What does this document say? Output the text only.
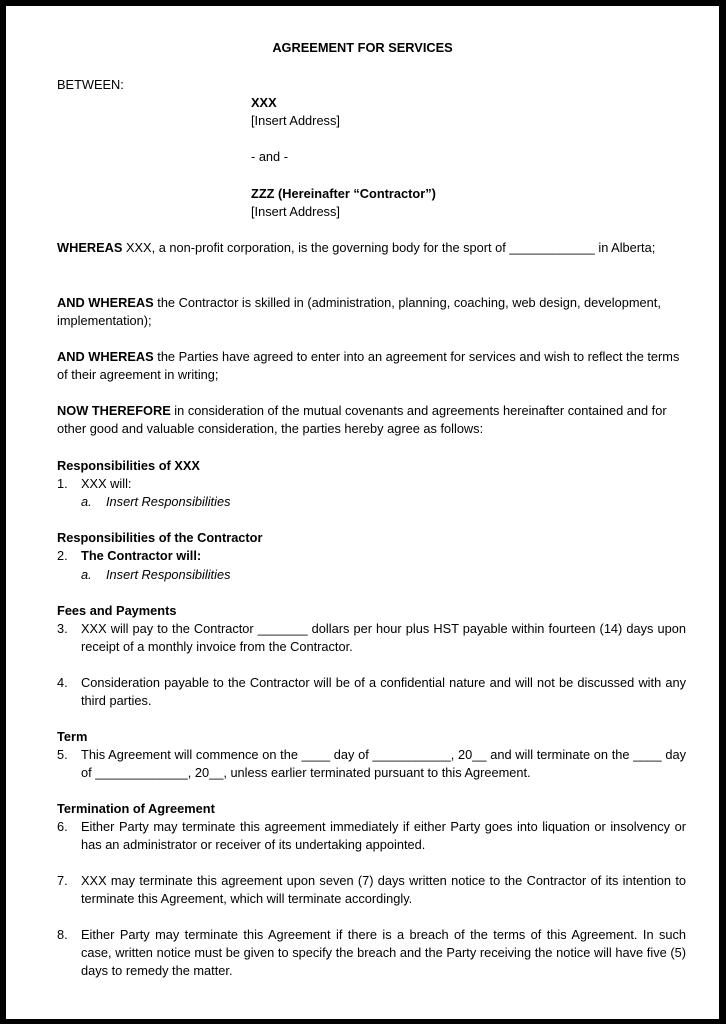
AGREEMENT FOR SERVICES
BETWEEN:
XXX
[Insert Address]
- and -
ZZZ (Hereinafter “Contractor”)
[Insert Address]
WHEREAS XXX, a non-profit corporation, is the governing body for the sport of ____________ in Alberta;
AND WHEREAS the Contractor is skilled in (administration, planning, coaching, web design, development, implementation);
AND WHEREAS the Parties have agreed to enter into an agreement for services and wish to reflect the terms of their agreement in writing;
NOW THEREFORE in consideration of the mutual covenants and agreements hereinafter contained and for other good and valuable consideration, the parties hereby agree as follows:
Responsibilities of XXX
1. XXX will:
a. Insert Responsibilities
Responsibilities of the Contractor
2. The Contractor will:
a. Insert Responsibilities
Fees and Payments
3. XXX will pay to the Contractor _______ dollars per hour plus HST payable within fourteen (14) days upon receipt of a monthly invoice from the Contractor.
4. Consideration payable to the Contractor will be of a confidential nature and will not be discussed with any third parties.
Term
5. This Agreement will commence on the ____ day of ___________, 20__ and will terminate on the ____ day of _____________, 20__, unless earlier terminated pursuant to this Agreement.
Termination of Agreement
6. Either Party may terminate this agreement immediately if either Party goes into liquation or insolvency or has an administrator or receiver of its undertaking appointed.
7. XXX may terminate this agreement upon seven (7) days written notice to the Contractor of its intention to terminate this Agreement, which will terminate accordingly.
8. Either Party may terminate this Agreement if there is a breach of the terms of this Agreement. In such case, written notice must be given to specify the breach and the Party receiving the notice will have five (5) days to remedy the matter.
